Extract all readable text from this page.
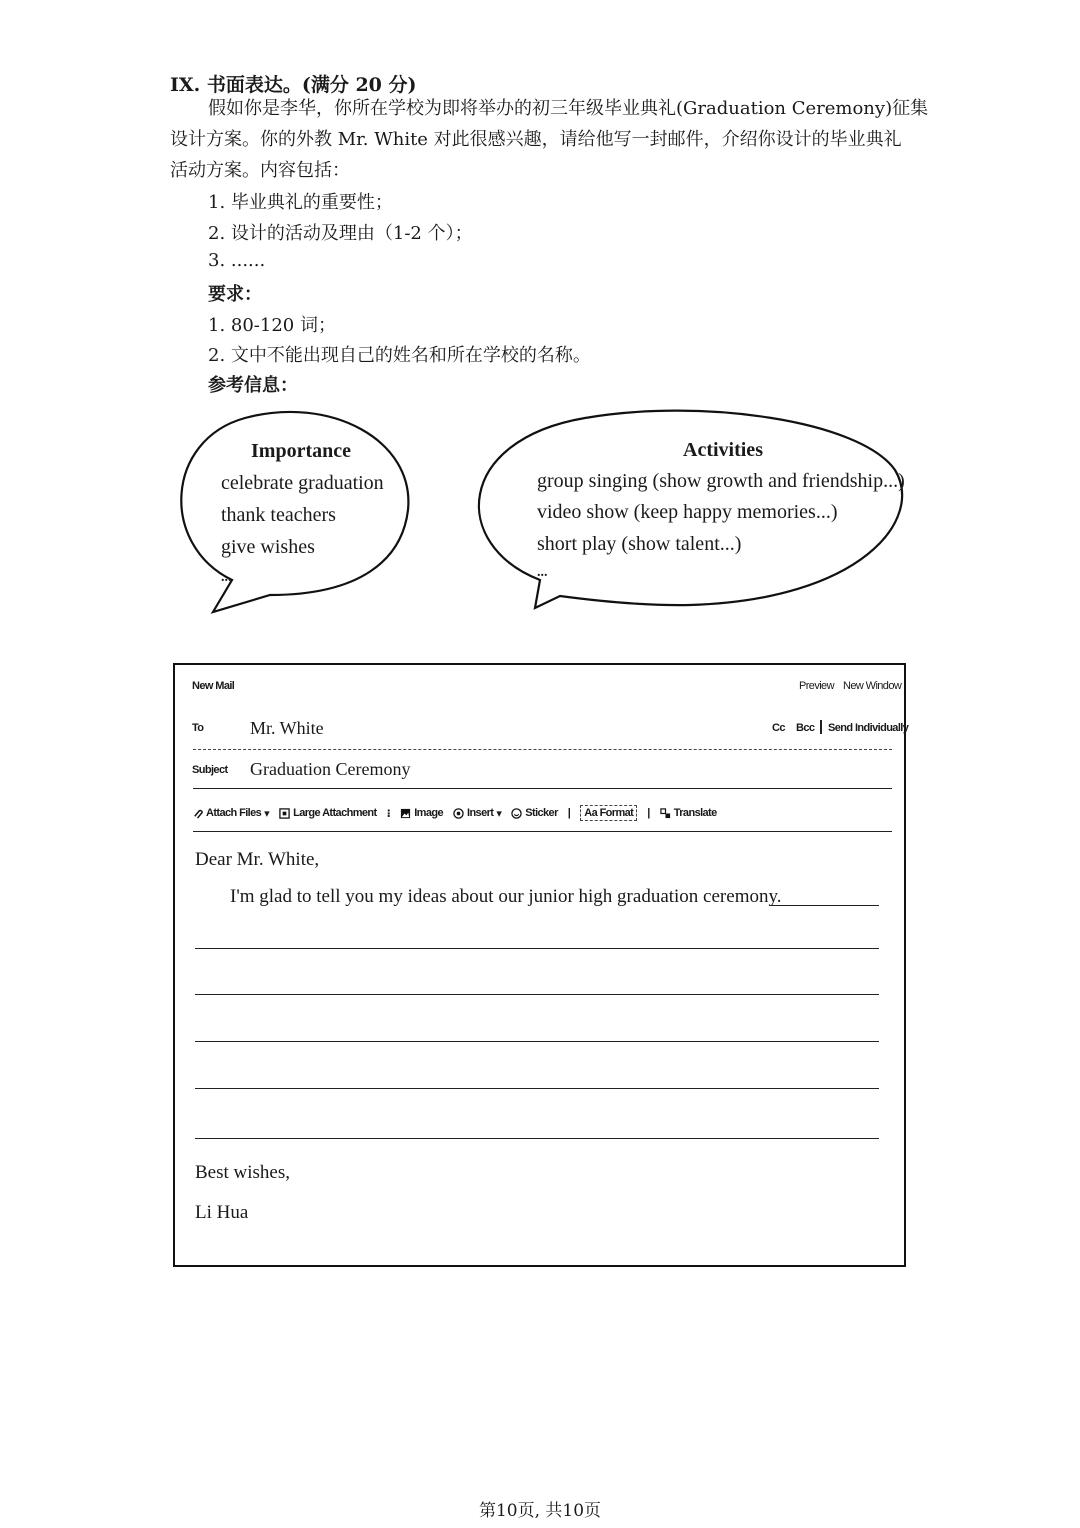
IX. 书面表达。(满分 20 分)
假如你是李华，你所在学校为即将举办的初三年级毕业典礼(Graduation Ceremony)征集
设计方案。你的外教 Mr. White 对此很感兴趣，请给他写一封邮件，介绍你设计的毕业典礼
活动方案。内容包括：
1. 毕业典礼的重要性；
2. 设计的活动及理由（1-2 个）；
3. ......
要求：
1. 80-120 词；
2. 文中不能出现自己的姓名和所在学校的名称。
参考信息：
Importance
celebrate graduation
thank teachers
give wishes
...
Activities
group singing (show growth and friendship...)
video show (keep happy memories...)
short play (show talent...)
...
New Mail	Preview New Window
To	Mr. White	Cc Bcc Send Individually
Subject Graduation Ceremony
Attach Files ▾ Large Attachment ⁝ Image Insert ▾ Sticker | Aa Format | Translate
Dear Mr. White,
I'm glad to tell you my ideas about our junior high graduation ceremony.
Best wishes,
Li Hua
第10页, 共10页
